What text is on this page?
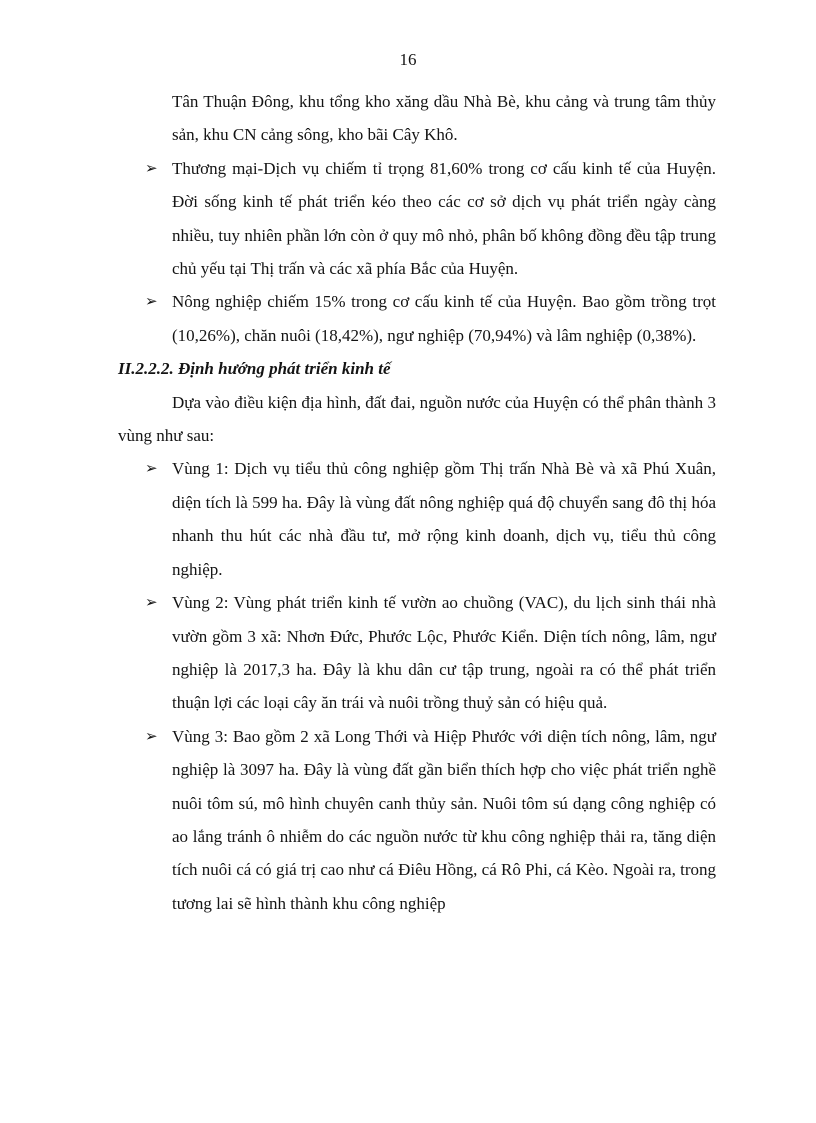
16

Tân Thuận Đông, khu tổng kho xăng dầu Nhà Bè, khu cảng và trung tâm thủy sản, khu CN cảng sông, kho bãi Cây Khô.

➢ Thương mại-Dịch vụ chiếm tỉ trọng 81,60% trong cơ cấu kinh tế của Huyện. Đời sống kinh tế phát triển kéo theo các cơ sở dịch vụ phát triển ngày càng nhiều, tuy nhiên phần lớn còn ở quy mô nhỏ, phân bố không đồng đều tập trung chủ yếu tại Thị trấn và các xã phía Bắc của Huyện.

➢ Nông nghiệp chiếm 15% trong cơ cấu kinh tế của Huyện. Bao gồm trồng trọt (10,26%), chăn nuôi (18,42%), ngư nghiệp (70,94%) và lâm nghiệp (0,38%).

II.2.2.2. Định hướng phát triển kinh tế

Dựa vào điều kiện địa hình, đất đai, nguồn nước của Huyện có thể phân thành 3 vùng như sau:

➢ Vùng 1: Dịch vụ tiểu thủ công nghiệp gồm Thị trấn Nhà Bè và xã Phú Xuân, diện tích là 599 ha. Đây là vùng đất nông nghiệp quá độ chuyển sang đô thị hóa nhanh thu hút các nhà đầu tư, mở rộng kinh doanh, dịch vụ, tiểu thủ công nghiệp.

➢ Vùng 2: Vùng phát triển kinh tế vườn ao chuồng (VAC), du lịch sinh thái nhà vườn gồm 3 xã: Nhơn Đức, Phước Lộc, Phước Kiển. Diện tích nông, lâm, ngư nghiệp là 2017,3 ha. Đây là khu dân cư tập trung, ngoài ra có thể phát triển thuận lợi các loại cây ăn trái và nuôi trồng thuỷ sản có hiệu quả.

➢ Vùng 3: Bao gồm 2 xã Long Thới và Hiệp Phước với diện tích nông, lâm, ngư nghiệp là 3097 ha. Đây là vùng đất gần biển thích hợp cho việc phát triển nghề nuôi tôm sú, mô hình chuyên canh thủy sản. Nuôi tôm sú dạng công nghiệp có ao lắng tránh ô nhiễm do các nguồn nước từ khu công nghiệp thải ra, tăng diện tích nuôi cá có giá trị cao như cá Điêu Hồng, cá Rô Phi, cá Kèo. Ngoài ra, trong tương lai sẽ hình thành khu công nghiệp
